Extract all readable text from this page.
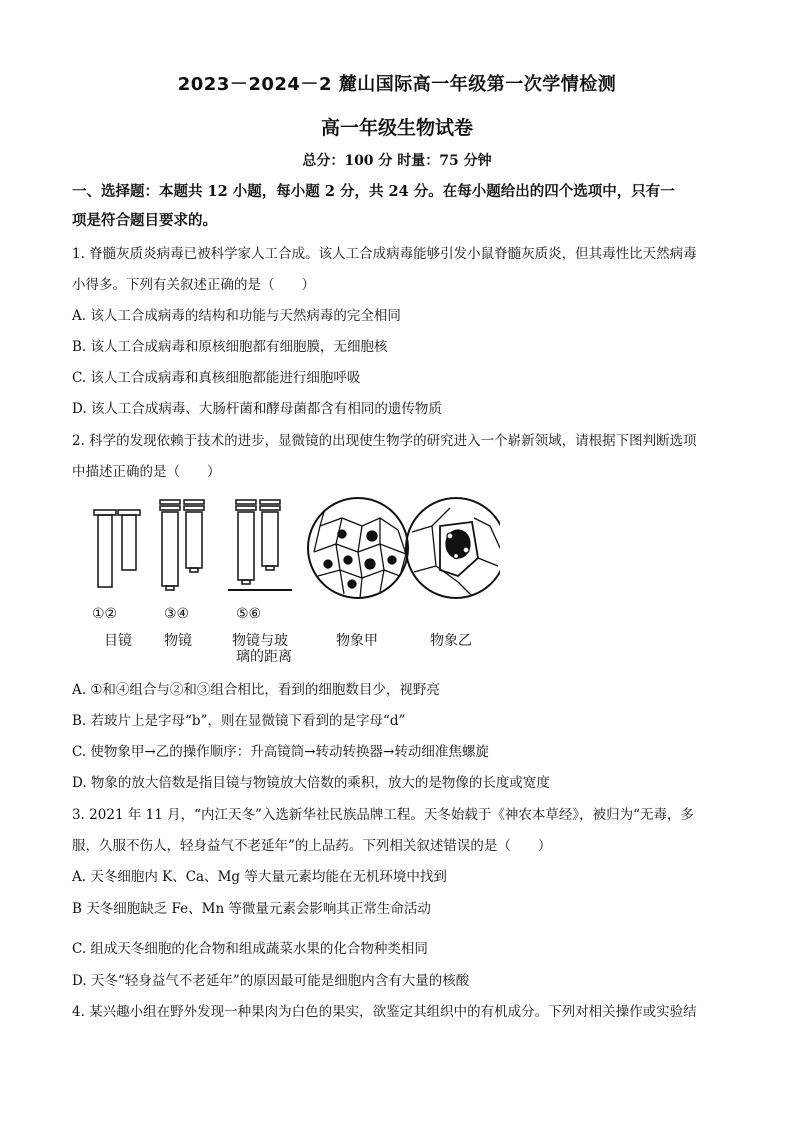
2023－2024－2 麓山国际高一年级第一次学情检测
高一年级生物试卷
总分：100 分 时量：75 分钟
一、选择题：本题共 12 小题，每小题 2 分，共 24 分。在每小题给出的四个选项中，只有一
项是符合题目要求的。
1. 脊髓灰质炎病毒已被科学家人工合成。该人工合成病毒能够引发小鼠脊髓灰质炎，但其毒性比天然病毒
小得多。下列有关叙述正确的是（　　）
A. 该人工合成病毒的结构和功能与天然病毒的完全相同
B. 该人工合成病毒和原核细胞都有细胞膜，无细胞核
C. 该人工合成病毒和真核细胞都能进行细胞呼吸
D. 该人工合成病毒、大肠杆菌和酵母菌都含有相同的遗传物质
2. 科学的发现依赖于技术的进步，显微镜的出现使生物学的研究进入一个崭新领域，请根据下图判断选项
中描述正确的是（　　）
①②	③④	⑤⑥
目镜 物镜	物镜与玻
璃的距离
物象甲	物象乙
A. ①和④组合与②和③组合相比，看到的细胞数目少，视野亮
B. 若玻片上是字母“b”，则在显微镜下看到的是字母“d”
C. 使物象甲→乙的操作顺序：升高镜筒→转动转换器→转动细准焦螺旋
D. 物象的放大倍数是指目镜与物镜放大倍数的乘积，放大的是物像的长度或宽度
3. 2021 年 11 月，“内江天冬”入选新华社民族品牌工程。天冬始载于《神农本草经》，被归为“无毒，多
服，久服不伤人，轻身益气不老延年”的上品药。下列相关叙述错误的是（　　）
A. 天冬细胞内 K、Ca、Mg 等大量元素均能在无机环境中找到
B 天冬细胞缺乏 Fe、Mn 等微量元素会影响其正常生命活动
C. 组成天冬细胞的化合物和组成蔬菜水果的化合物种类相同
D. 天冬“轻身益气不老延年”的原因最可能是细胞内含有大量的核酸
4. 某兴趣小组在野外发现一种果肉为白色的果实，欲鉴定其组织中的有机成分。下列对相关操作或实验结
